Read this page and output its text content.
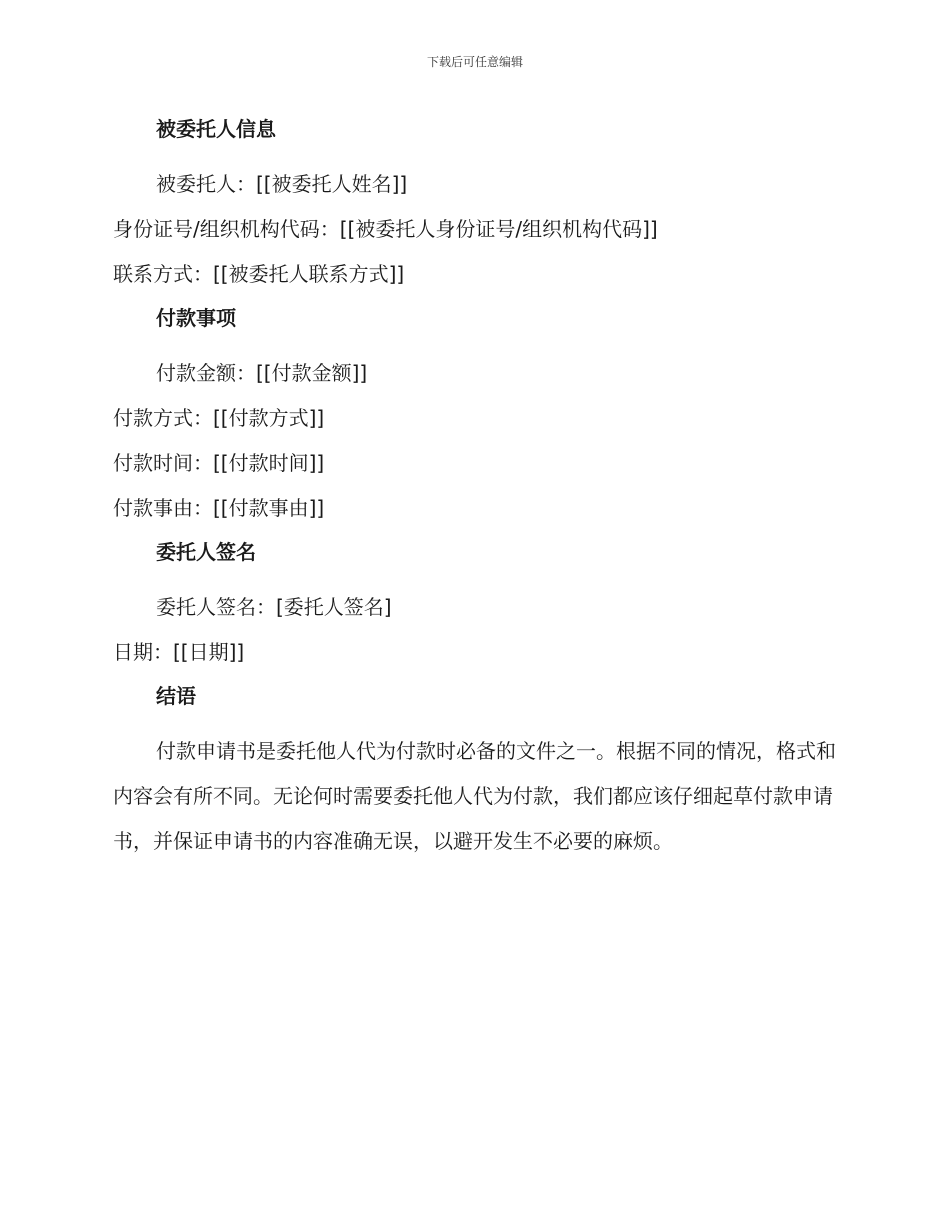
下载后可任意编辑
被委托人信息

被委托人：[[被委托人姓名]]

身份证号/组织机构代码：[[被委托人身份证号/组织机构代码]]

联系方式：[[被委托人联系方式]]

付款事项

付款金额：[[付款金额]]

付款方式：[[付款方式]]

付款时间：[[付款时间]]

付款事由：[[付款事由]]

委托人签名

委托人签名：[委托人签名]

日期：[[日期]]

结语

付款申请书是委托他人代为付款时必备的文件之一。根据不同的情况，格式和内容会有所不同。无论何时需要委托他人代为付款，我们都应该仔细起草付款申请书，并保证申请书的内容准确无误，以避开发生不必要的麻烦。
